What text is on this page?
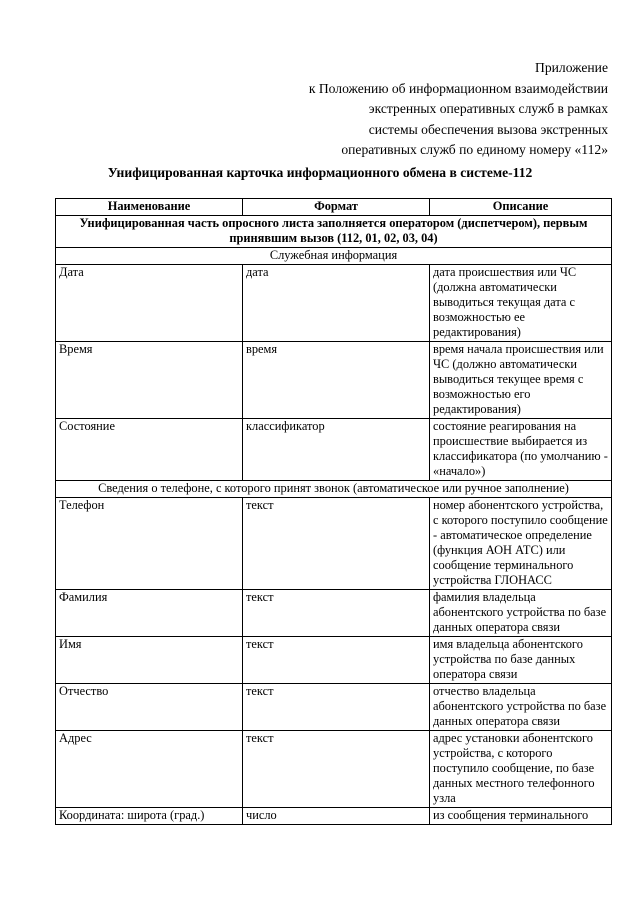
Приложение
к Положению об информационном взаимодействии
экстренных оперативных служб в рамках
системы обеспечения вызова экстренных
оперативных служб по единому номеру «112»
Унифицированная карточка информационного обмена в системе-112
Наименование	Формат	Описание
Унифицированная часть опросного листа заполняется оператором (диспетчером), первым принявшим вызов (112, 01, 02, 03, 04)		
Служебная информация		
Дата	дата	дата происшествия или ЧС (должна автоматически выводиться текущая дата с возможностью ее редактирования)
Время	время	время начала происшествия или ЧС (должно автоматически выводиться текущее время с возможностью его редактирования)
Состояние	классификатор	состояние реагирования на происшествие выбирается из классификатора (по умолчанию - «начало»)
Сведения о телефоне, с которого принят звонок (автоматическое или ручное заполнение)		
Телефон	текст	номер абонентского устройства, с которого поступило сообщение - автоматическое определение (функция АОН АТС) или сообщение терминального устройства ГЛОНАСС
Фамилия	текст	фамилия владельца абонентского устройства по базе данных оператора связи
Имя	текст	имя владельца абонентского устройства по базе данных оператора связи
Отчество	текст	отчество владельца абонентского устройства по базе данных оператора связи
Адрес	текст	адрес установки абонентского устройства, с которого поступило сообщение, по базе данных местного телефонного узла
Координата: широта (град.)	число	из сообщения терминального
